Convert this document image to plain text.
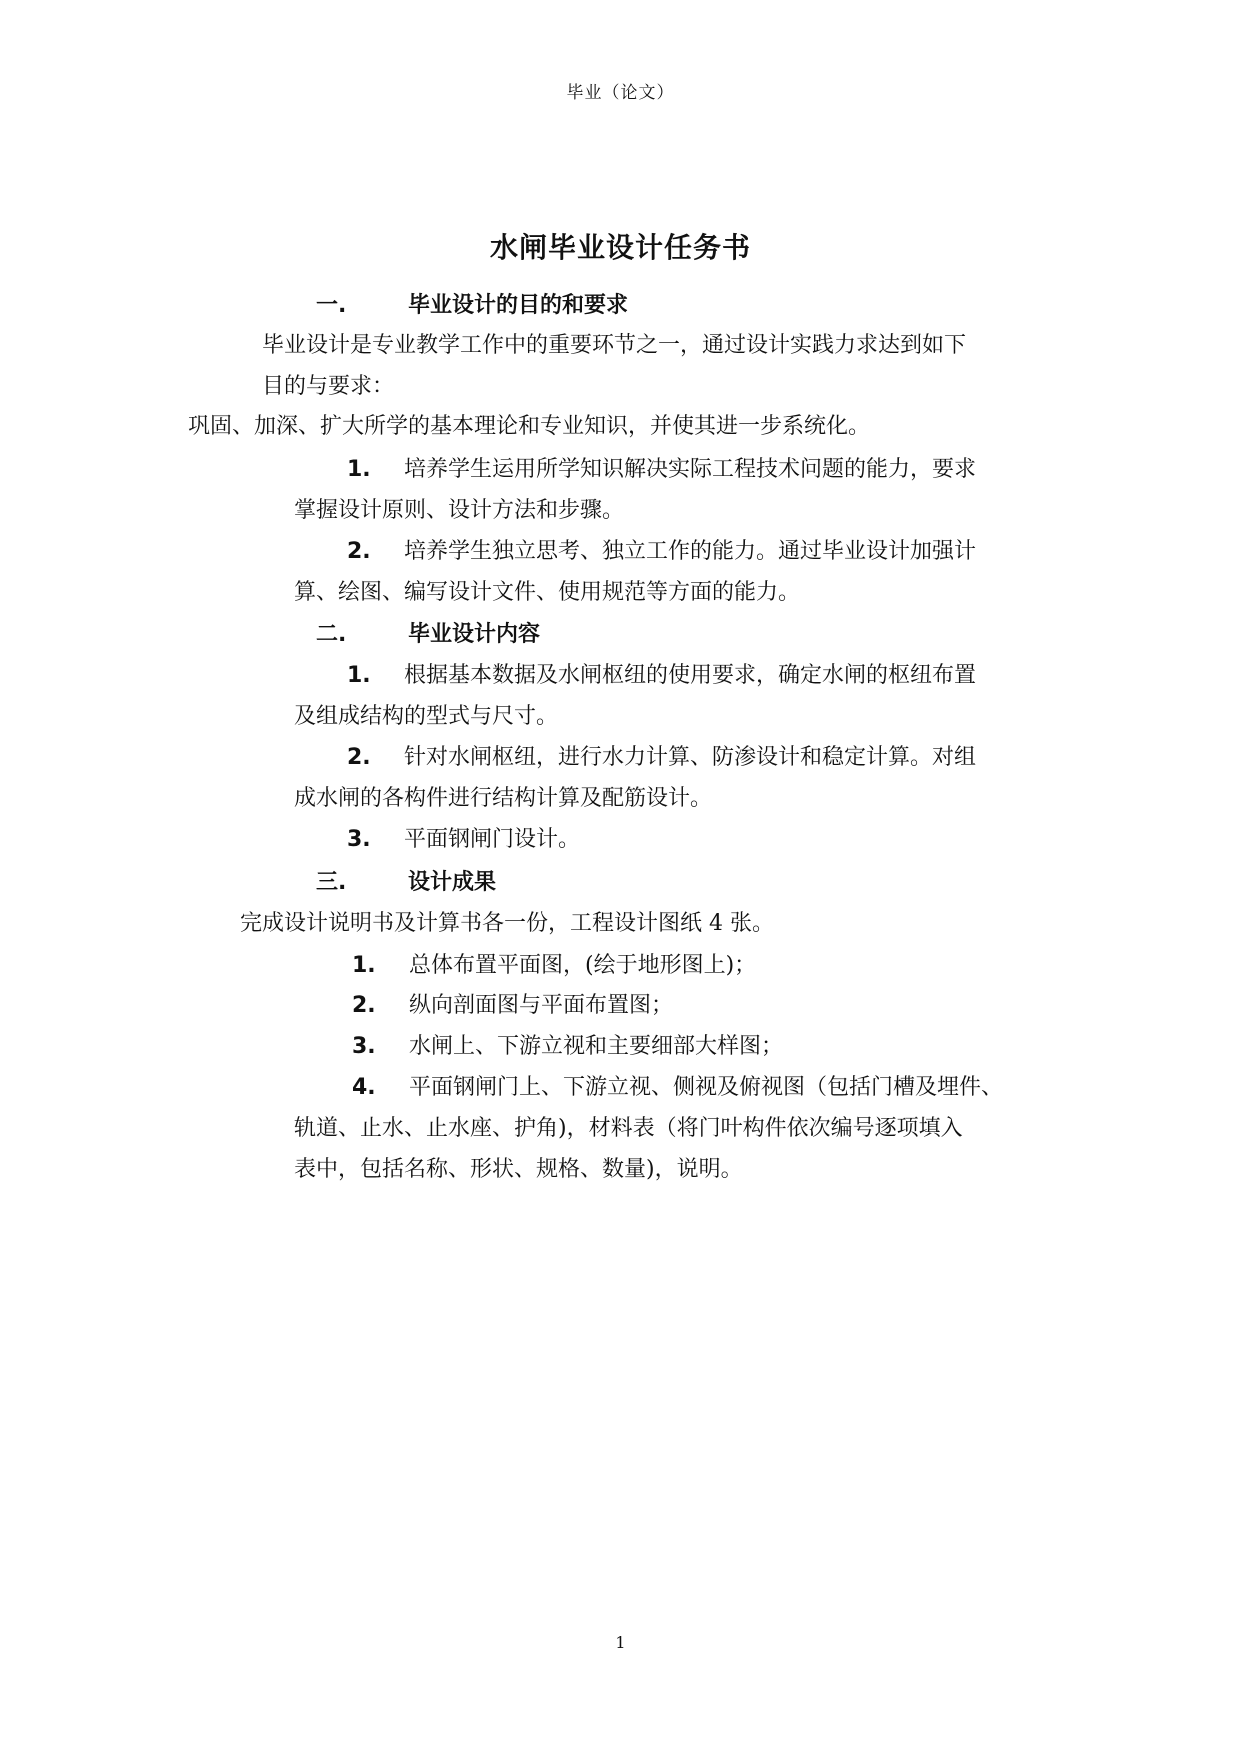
毕业（论文）
水闸毕业设计任务书
一.	毕业设计的目的和要求
毕业设计是专业教学工作中的重要环节之一，通过设计实践力求达到如下
目的与要求：
巩固、加深、扩大所学的基本理论和专业知识，并使其进一步系统化。
1. 培养学生运用所学知识解决实际工程技术问题的能力，要求
掌握设计原则、设计方法和步骤。
2. 培养学生独立思考、独立工作的能力。通过毕业设计加强计
算、绘图、编写设计文件、使用规范等方面的能力。
二.	毕业设计内容
1. 根据基本数据及水闸枢纽的使用要求，确定水闸的枢纽布置
及组成结构的型式与尺寸。
2. 针对水闸枢纽，进行水力计算、防渗设计和稳定计算。对组
成水闸的各构件进行结构计算及配筋设计。
3. 平面钢闸门设计。
三.	设计成果
完成设计说明书及计算书各一份，工程设计图纸 4 张。
1. 总体布置平面图，(绘于地形图上)；
2. 纵向剖面图与平面布置图；
3. 水闸上、下游立视和主要细部大样图；
4. 平面钢闸门上、下游立视、侧视及俯视图（包括门槽及埋件、
轨道、止水、止水座、护角)，材料表（将门叶构件依次编号逐项填入
表中，包括名称、形状、规格、数量)，说明。
1
